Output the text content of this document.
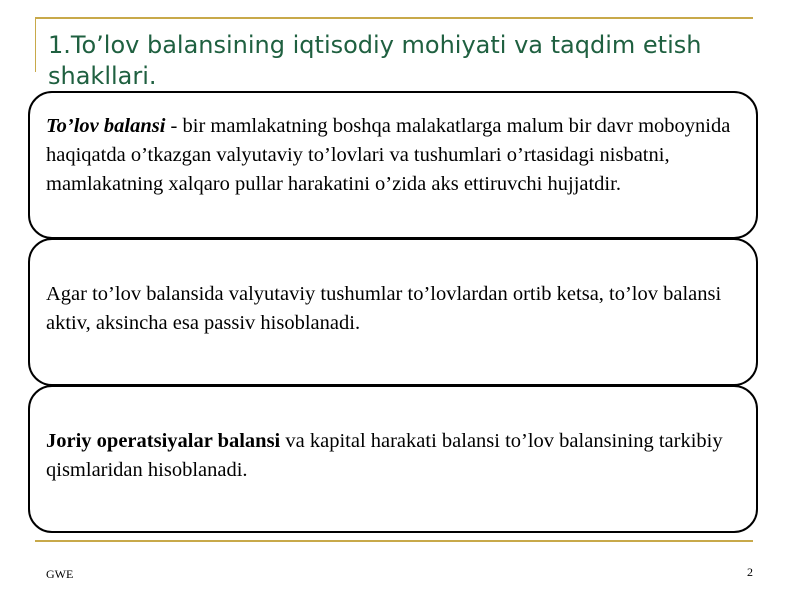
1.To’lov balansining iqtisodiy mohiyati va taqdim etish shakllari.

To’lov balansi - bir mamlakatning boshqa malakatlarga malum bir davr moboynida haqiqatda o’tkazgan valyutaviy to’lovlari va tushumlari o’rtasidagi nisbatni, mamlakatning xalqaro pullar harakatini o’zida aks ettiruvchi hujjatdir.

Agar to’lov balansida valyutaviy tushumlar to’lovlardan ortib ketsa, to’lov balansi aktiv, aksincha esa passiv hisoblanadi.

Joriy operatsiyalar balansi va kapital harakati balansi to’lov balansining tarkibiy qismlaridan hisoblanadi.

GWE	2
